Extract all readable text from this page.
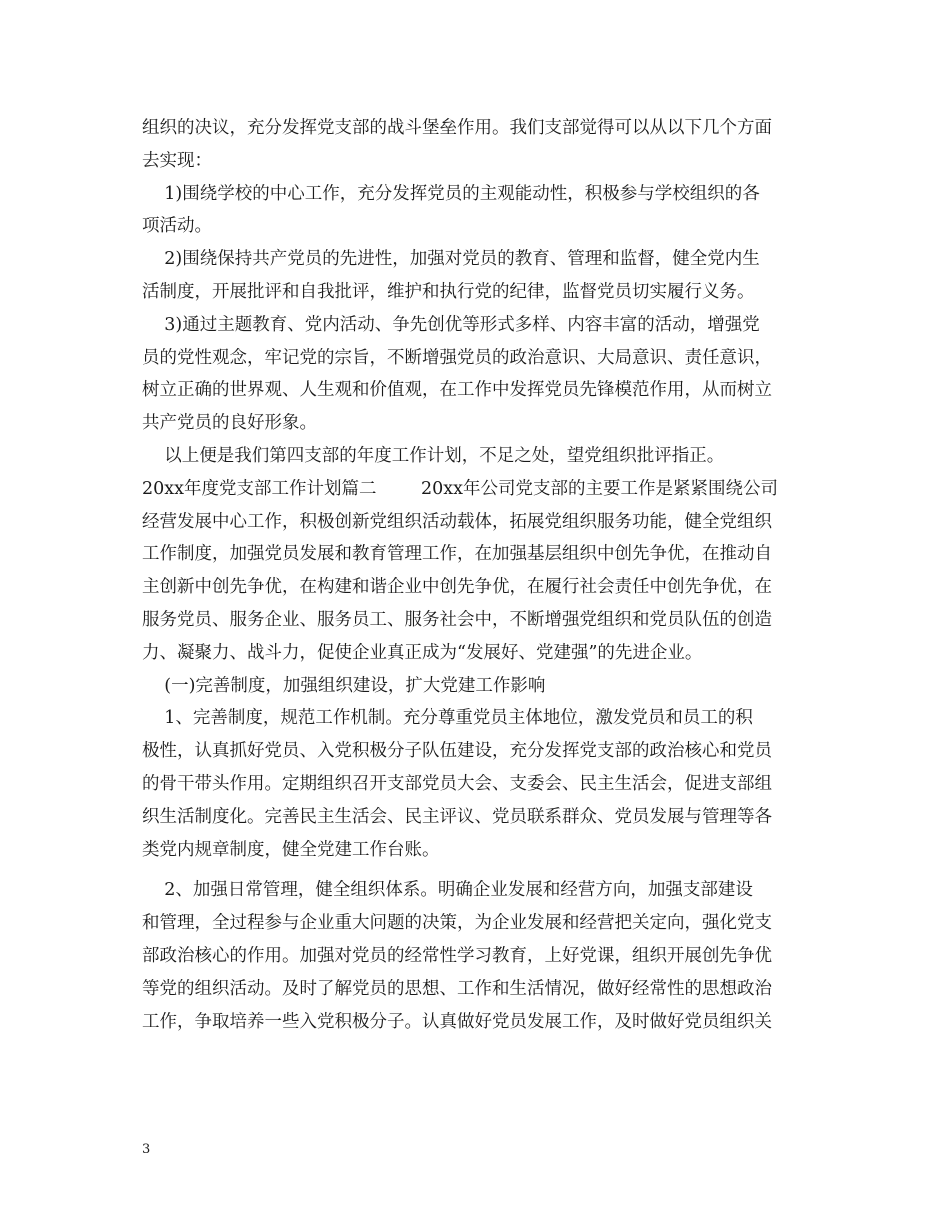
组织的决议，充分发挥党支部的战斗堡垒作用。我们支部觉得可以从以下几个方面

去实现：

1)围绕学校的中心工作，充分发挥党员的主观能动性，积极参与学校组织的各

项活动。

2)围绕保持共产党员的先进性，加强对党员的教育、管理和监督，健全党内生

活制度，开展批评和自我批评，维护和执行党的纪律，监督党员切实履行义务。

3)通过主题教育、党内活动、争先创优等形式多样、内容丰富的活动，增强党

员的党性观念，牢记党的宗旨，不断增强党员的政治意识、大局意识、责任意识，

树立正确的世界观、人生观和价值观，在工作中发挥党员先锋模范作用，从而树立

共产党员的良好形象。

以上便是我们第四支部的年度工作计划，不足之处，望党组织批评指正。

20xx年度党支部工作计划篇二        20xx年公司党支部的主要工作是紧紧围绕公司

经营发展中心工作，积极创新党组织活动载体，拓展党组织服务功能，健全党组织

工作制度，加强党员发展和教育管理工作，在加强基层组织中创先争优，在推动自

主创新中创先争优，在构建和谐企业中创先争优，在履行社会责任中创先争优，在

服务党员、服务企业、服务员工、服务社会中，不断增强党组织和党员队伍的创造

力、凝聚力、战斗力，促使企业真正成为“发展好、党建强”的先进企业。

(一)完善制度，加强组织建设，扩大党建工作影响

1、完善制度，规范工作机制。充分尊重党员主体地位，激发党员和员工的积

极性，认真抓好党员、入党积极分子队伍建设，充分发挥党支部的政治核心和党员

的骨干带头作用。定期组织召开支部党员大会、支委会、民主生活会，促进支部组

织生活制度化。完善民主生活会、民主评议、党员联系群众、党员发展与管理等各

类党内规章制度，健全党建工作台账。

2、加强日常管理，健全组织体系。明确企业发展和经营方向，加强支部建设

和管理，全过程参与企业重大问题的决策，为企业发展和经营把关定向，强化党支

部政治核心的作用。加强对党员的经常性学习教育，上好党课，组织开展创先争优

等党的组织活动。及时了解党员的思想、工作和生活情况，做好经常性的思想政治

工作，争取培养一些入党积极分子。认真做好党员发展工作，及时做好党员组织关

3
